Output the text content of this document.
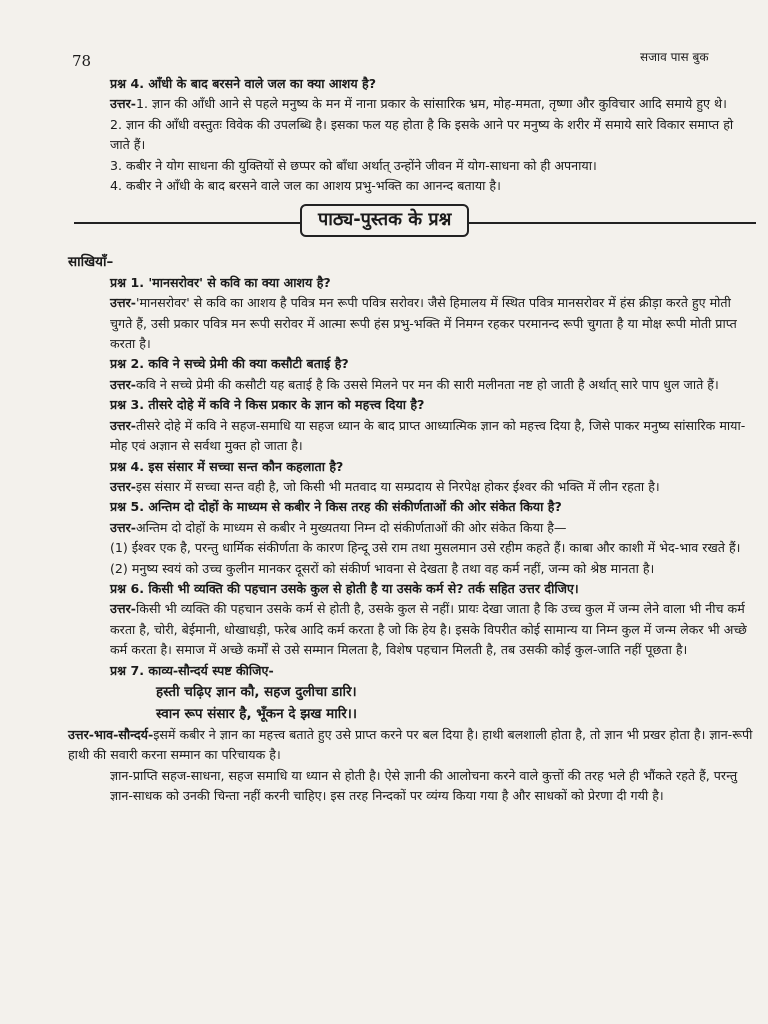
78	सजाव पास बुक

प्रश्न 4. आँधी के बाद बरसने वाले जल का क्या आशय है?

उत्तर-1. ज्ञान की आँधी आने से पहले मनुष्य के मन में नाना प्रकार के सांसारिक भ्रम, मोह-ममता, तृष्णा और कुविचार आदि समाये हुए थे।

2. ज्ञान की आँधी वस्तुतः विवेक की उपलब्धि है। इसका फल यह होता है कि इसके आने पर मनुष्य के शरीर में समाये सारे विकार समाप्त हो जाते हैं।

3. कबीर ने योग साधना की युक्तियों से छप्पर को बाँधा अर्थात् उन्होंने जीवन में योग-साधना को ही अपनाया।

4. कबीर ने आँधी के बाद बरसने वाले जल का आशय प्रभु-भक्ति का आनन्द बताया है।

पाठ्य-पुस्तक के प्रश्न

साखियाँ–

प्रश्न 1. 'मानसरोवर' से कवि का क्या आशय है?

उत्तर-'मानसरोवर' से कवि का आशय है पवित्र मन रूपी पवित्र सरोवर। जैसे हिमालय में स्थित पवित्र मानसरोवर में हंस क्रीड़ा करते हुए मोती चुगते हैं, उसी प्रकार पवित्र मन रूपी सरोवर में आत्मा रूपी हंस प्रभु-भक्ति में निमग्न रहकर परमानन्द रूपी चुगता है या मोक्ष रूपी मोती प्राप्त करता है।

प्रश्न 2. कवि ने सच्चे प्रेमी की क्या कसौटी बताई है?

उत्तर-कवि ने सच्चे प्रेमी की कसौटी यह बताई है कि उससे मिलने पर मन की सारी मलीनता नष्ट हो जाती है अर्थात् सारे पाप धुल जाते हैं।

प्रश्न 3. तीसरे दोहे में कवि ने किस प्रकार के ज्ञान को महत्त्व दिया है?

उत्तर-तीसरे दोहे में कवि ने सहज-समाधि या सहज ध्यान के बाद प्राप्त आध्यात्मिक ज्ञान को महत्त्व दिया है, जिसे पाकर मनुष्य सांसारिक माया-मोह एवं अज्ञान से सर्वथा मुक्त हो जाता है।

प्रश्न 4. इस संसार में सच्चा सन्त कौन कहलाता है?

उत्तर-इस संसार में सच्चा सन्त वही है, जो किसी भी मतवाद या सम्प्रदाय से निरपेक्ष होकर ईश्वर की भक्ति में लीन रहता है।

प्रश्न 5. अन्तिम दो दोहों के माध्यम से कबीर ने किस तरह की संकीर्णताओं की ओर संकेत किया है?

उत्तर-अन्तिम दो दोहों के माध्यम से कबीर ने मुख्यतया निम्न दो संकीर्णताओं की ओर संकेत किया है—

(1) ईश्वर एक है, परन्तु धार्मिक संकीर्णता के कारण हिन्दू उसे राम तथा मुसलमान उसे रहीम कहते हैं। काबा और काशी में भेद-भाव रखते हैं।

(2) मनुष्य स्वयं को उच्च कुलीन मानकर दूसरों को संकीर्ण भावना से देखता है तथा वह कर्म नहीं, जन्म को श्रेष्ठ मानता है।

प्रश्न 6. किसी भी व्यक्ति की पहचान उसके कुल से होती है या उसके कर्म से? तर्क सहित उत्तर दीजिए।

उत्तर-किसी भी व्यक्ति की पहचान उसके कर्म से होती है, उसके कुल से नहीं। प्रायः देखा जाता है कि उच्च कुल में जन्म लेने वाला भी नीच कर्म करता है, चोरी, बेईमानी, धोखाधड़ी, फरेब आदि कर्म करता है जो कि हेय है। इसके विपरीत कोई सामान्य या निम्न कुल में जन्म लेकर भी अच्छे कर्म करता है। समाज में अच्छे कर्मों से उसे सम्मान मिलता है, विशेष पहचान मिलती है, तब उसकी कोई कुल-जाति नहीं पूछता है।

प्रश्न 7. काव्य-सौन्दर्य स्पष्ट कीजिए-

हस्ती चढ़िए ज्ञान कौ, सहज दुलीचा डारि।

स्वान रूप संसार है, भूँकन दे झख मारि।।

उत्तर-भाव-सौन्दर्य-इसमें कबीर ने ज्ञान का महत्त्व बताते हुए उसे प्राप्त करने पर बल दिया है। हाथी बलशाली होता है, तो ज्ञान भी प्रखर होता है। ज्ञान-रूपी हाथी की सवारी करना सम्मान का परिचायक है।

ज्ञान-प्राप्ति सहज-साधना, सहज समाधि या ध्यान से होती है। ऐसे ज्ञानी की आलोचना करने वाले कुत्तों की तरह भले ही भौंकते रहते हैं, परन्तु ज्ञान-साधक को उनकी चिन्ता नहीं करनी चाहिए। इस तरह निन्दकों पर व्यंग्य किया गया है और साधकों को प्रेरणा दी गयी है।
